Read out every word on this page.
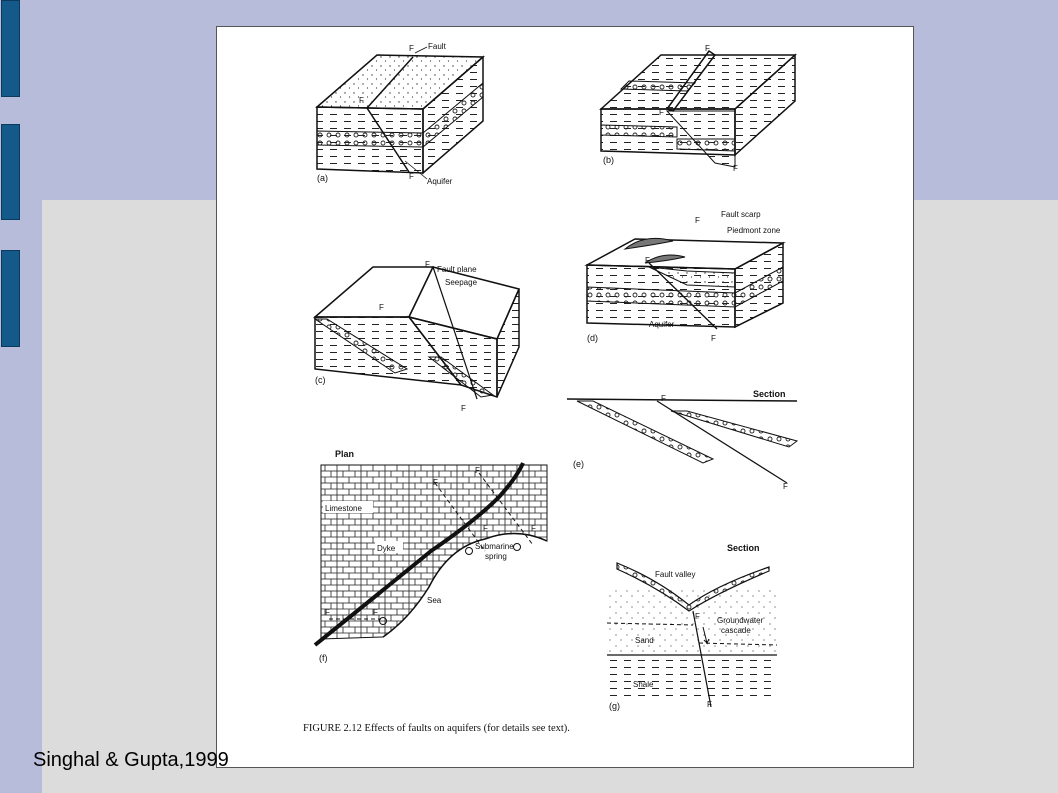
F
F
F
Fault
Aquifer
(a)
F
F
F
(b)
F
F
F
Fault plane
Seepage
(c)
F
F
F
Fault scarp
Piedmont zone
Aquifer
(d)
Section
F
F
(e)
Plan
Limestone
Dyke	Submarine
spring
Sea
F
F
F	F
F	F
(f)
Section
Fault valley
Groundwater
cascade
Sand
Shale
F
F
(g)
FIGURE 2.12 Effects of faults on aquifers (for details see text).
Singhal & Gupta,1999
